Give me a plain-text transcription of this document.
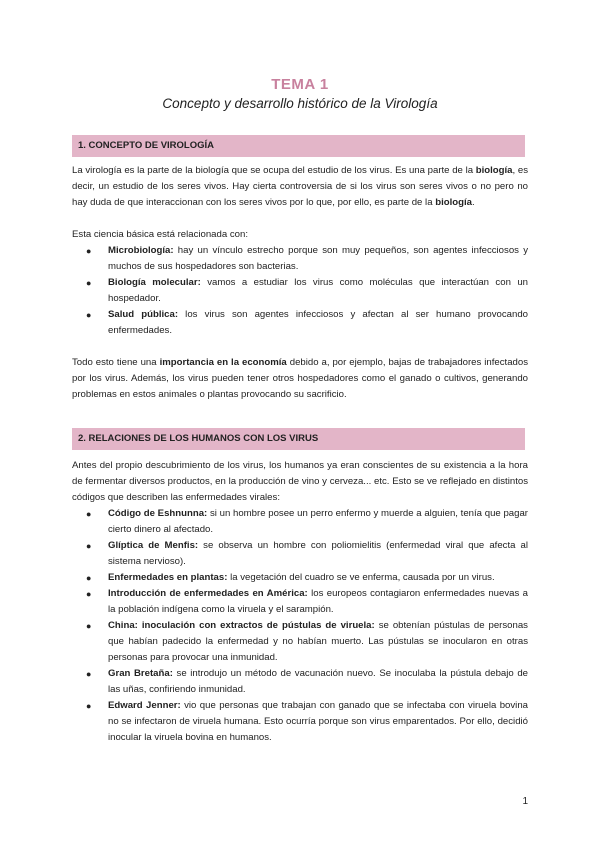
TEMA 1
Concepto y desarrollo histórico de la Virología
1. CONCEPTO DE VIROLOGÍA

La virología es la parte de la biología que se ocupa del estudio de los virus. Es una parte de la biología, es decir, un estudio de los seres vivos. Hay cierta controversia de si los virus son seres vivos o no pero no hay duda de que interaccionan con los seres vivos por lo que, por ello, es parte de la biología.

Esta ciencia básica está relacionada con:

● Microbiología: hay un vínculo estrecho porque son muy pequeños, son agentes infecciosos y muchos de sus hospedadores son bacterias.
● Biología molecular: vamos a estudiar los virus como moléculas que interactúan con un hospedador.
● Salud pública: los virus son agentes infecciosos y afectan al ser humano provocando enfermedades.

Todo esto tiene una importancia en la economía debido a, por ejemplo, bajas de trabajadores infectados por los virus. Además, los virus pueden tener otros hospedadores como el ganado o cultivos, generando problemas en estos animales o plantas provocando su sacrificio.

2. RELACIONES DE LOS HUMANOS CON LOS VIRUS

Antes del propio descubrimiento de los virus, los humanos ya eran conscientes de su existencia a la hora de fermentar diversos productos, en la producción de vino y cerveza... etc. Esto se ve reflejado en distintos códigos que describen las enfermedades virales:

● Código de Eshnunna: si un hombre posee un perro enfermo y muerde a alguien, tenía que pagar cierto dinero al afectado.
● Glíptica de Menfis: se observa un hombre con poliomielitis (enfermedad viral que afecta al sistema nervioso).
● Enfermedades en plantas: la vegetación del cuadro se ve enferma, causada por un virus.
● Introducción de enfermedades en América: los europeos contagiaron enfermedades nuevas a la población indígena como la viruela y el sarampión.
● China: inoculación con extractos de pústulas de viruela: se obtenían pústulas de personas que habían padecido la enfermedad y no habían muerto. Las pústulas se inocularon en otras personas para provocar una inmunidad.
● Gran Bretaña: se introdujo un método de vacunación nuevo. Se inoculaba la pústula debajo de las uñas, confiriendo inmunidad.
● Edward Jenner: vio que personas que trabajan con ganado que se infectaba con viruela bovina no se infectaron de viruela humana. Esto ocurría porque son virus emparentados. Por ello, decidió inocular la viruela bovina en humanos.
1
